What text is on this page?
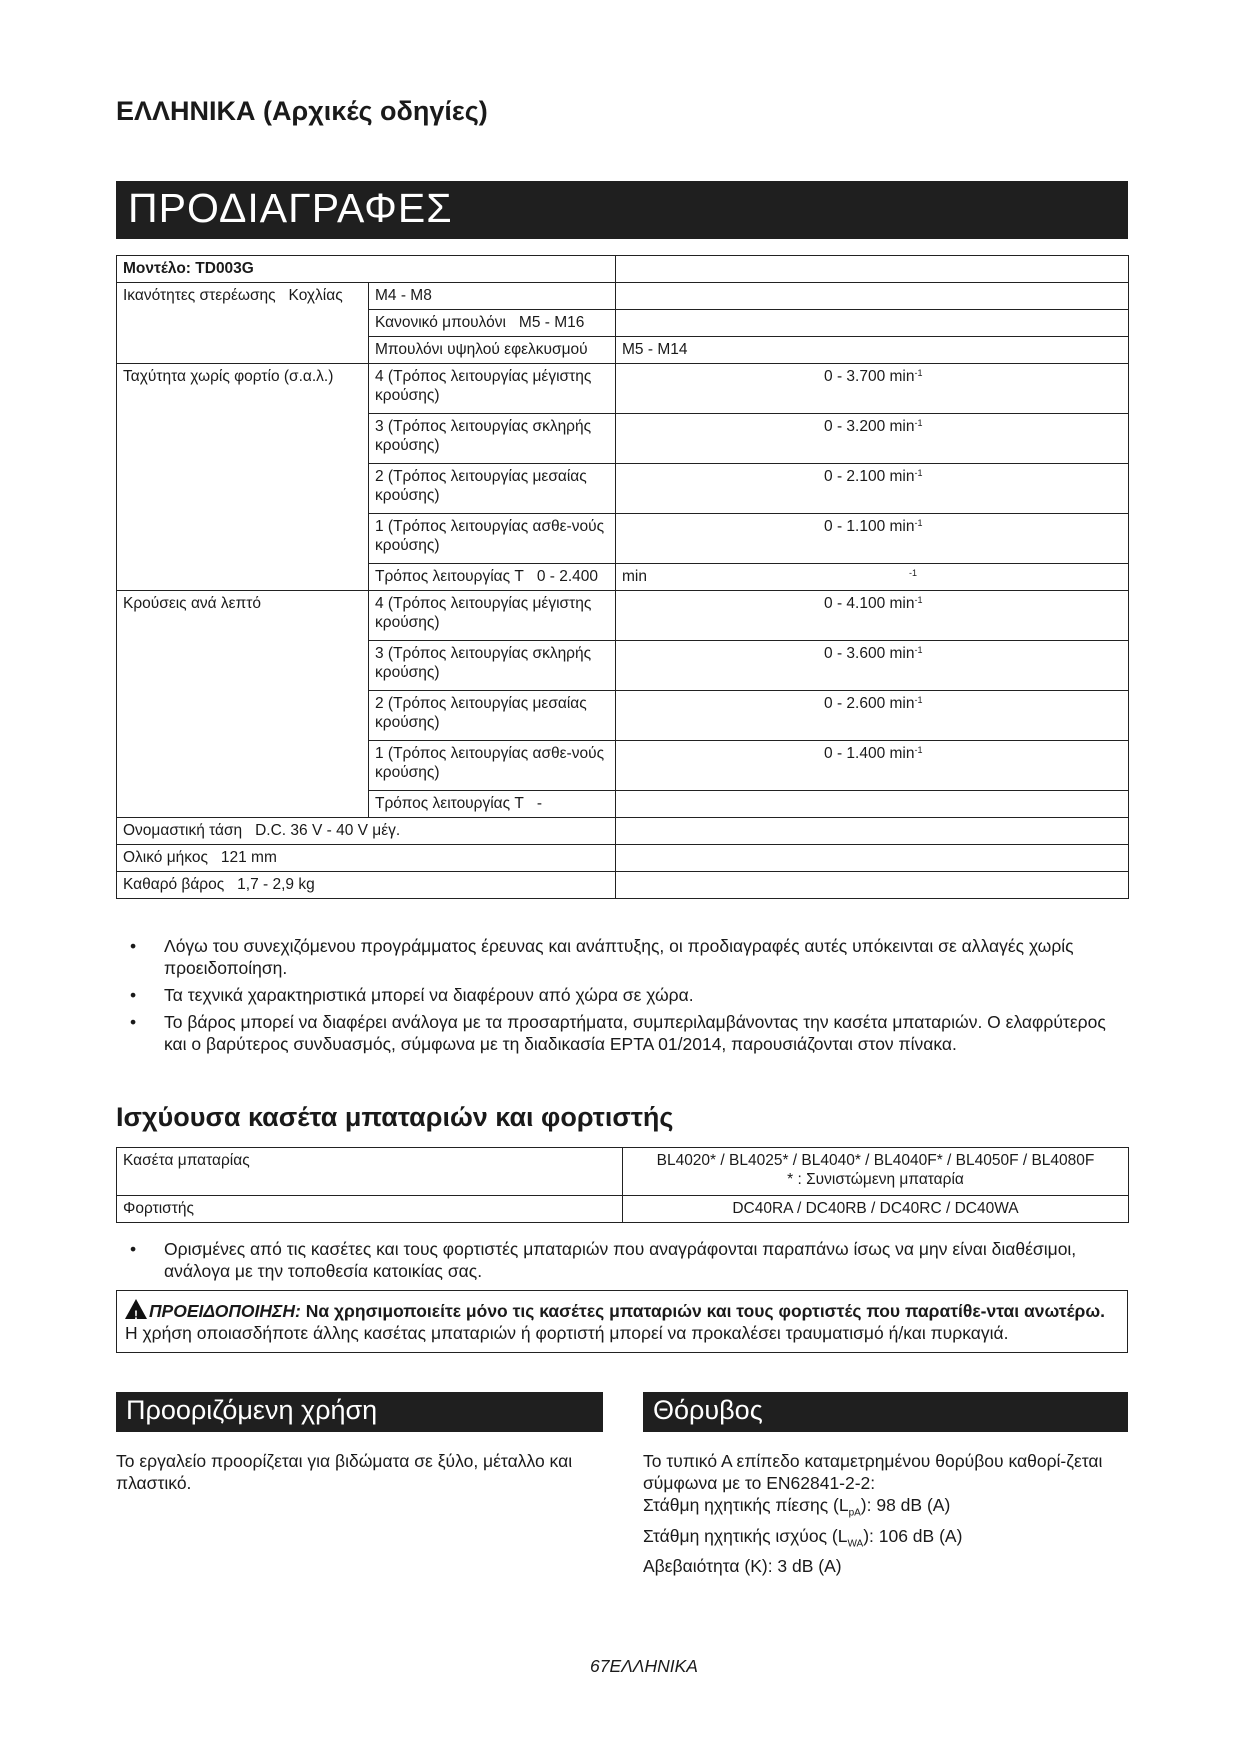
ΕΛΛΗΝΙΚΑ (Αρχικές οδηγίες)
ΠΡΟΔΙΑΓΡΑΦΕΣ
Μοντέλο: TD003G		
Ικανότητες στερέωσης Κοχλίας	M4 - M8	
	Κανονικό μπουλόνι M5 - M16	
	Μπουλόνι υψηλού εφελκυσμού	M5 - M14
Ταχύτητα χωρίς φορτίο (σ.α.λ.)	4 (Τρόπος λειτουργίας μέγιστης κρούσης)	0 - 3.700 $\min^{-1}$
	3 (Τρόπος λειτουργίας σκληρής κρούσης)	0 - 3.200 $\min^{-1}$
	2 (Τρόπος λειτουργίας μεσαίας κρούσης)	0 - 2.100 $\min^{-1}$
	1 (Τρόπος λειτουργίας ασθε-νούς κρούσης)	0 - 1.100 $\min^{-1}$
	Τρόπος λειτουργίας T 0 - 2.400	min $^{-1}$
Κρούσεις ανά λεπτό	4 (Τρόπος λειτουργίας μέγιστης κρούσης)	0 - 4.100 $\min^{-1}$
	3 (Τρόπος λειτουργίας σκληρής κρούσης)	0 - 3.600 $\min^{-1}$
	2 (Τρόπος λειτουργίας μεσαίας κρούσης)	0 - 2.600 $\min^{-1}$
	1 (Τρόπος λειτουργίας ασθε-νούς κρούσης)	0 - 1.400 $\min^{-1}$
	Τρόπος λειτουργίας T -	
Ονομαστική τάση D.C. 36 V - 40 V μέγ.		
Ολικό μήκος 121 mm		
Καθαρό βάρος 1,7 - 2,9 kg		
• Λόγω του συνεχιζόμενου προγράμματος έρευνας και ανάπτυξης, οι προδιαγραφές αυτές υπόκεινται σε αλλαγές χωρίς προειδοποίηση.
• Τα τεχνικά χαρακτηριστικά μπορεί να διαφέρουν από χώρα σε χώρα.
• Το βάρος μπορεί να διαφέρει ανάλογα με τα προσαρτήματα, συμπεριλαμβάνοντας την κασέτα μπαταριών. Ο ελαφρύτερος και ο βαρύτερος συνδυασμός, σύμφωνα με τη διαδικασία EPTA 01/2014, παρουσιάζονται στον πίνακα.
Ισχύουσα κασέτα μπαταριών και φορτιστής
Κασέτα μπαταρίας	BL4020* / BL4025* / BL4040* / BL4040F* / BL4050F / BL4080F
* : Συνιστώμενη μπαταρία

Φορτιστής	DC40RA / DC40RB / DC40RC / DC40WA
• Ορισμένες από τις κασέτες και τους φορτιστές μπαταριών που αναγράφονται παραπάνω ίσως να μην είναι διαθέσιμοι, ανάλογα με την τοποθεσία κατοικίας σας.
! ΠΡΟΕΙΔΟΠΟΙΗΣΗ: Να χρησιμοποιείτε μόνο τις κασέτες μπαταριών και τους φορτιστές που παρατίθε-νται ανωτέρω. Η χρήση οποιασδήποτε άλλης κασέτας μπαταριών ή φορτιστή μπορεί να προκαλέσει τραυματισμό ή/και πυρκαγιά.
Προοριζόμενη χρήση	Θόρυβος
Το εργαλείο προορίζεται για βιδώματα σε ξύλο, μέταλλο και πλαστικό.
Το τυπικό Α επίπεδο καταμετρημένου θορύβου καθορί-ζεται σύμφωνα με το EN62841-2-2:
Στάθμη ηχητικής πίεσης $(L_{pA})$: 98 dB (A)
Στάθμη ηχητικής ισχύος $(L_{WA})$: 106 dB (A)
Αβεβαιότητα (K): 3 dB (A)
67ΕΛΛΗΝΙΚΑ
